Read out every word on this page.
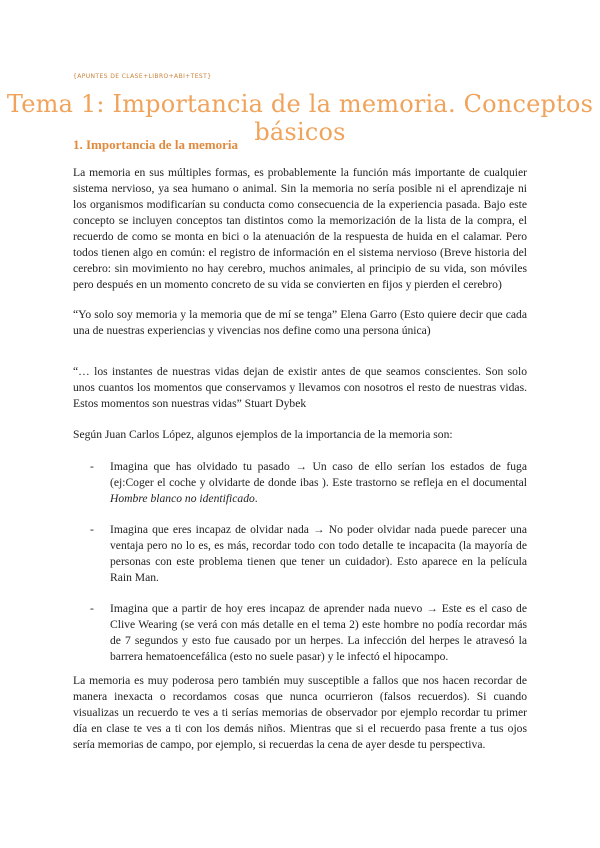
{APUNTES DE CLASE+LIBRO+ABI+TEST}
Tema 1: Importancia de la memoria. Conceptos básicos
1. Importancia de la memoria
La memoria en sus múltiples formas, es probablemente la función más importante de cualquier sistema nervioso, ya sea humano o animal. Sin la memoria no sería posible ni el aprendizaje ni los organismos modificarían su conducta como consecuencia de la experiencia pasada. Bajo este concepto se incluyen conceptos tan distintos como la memorización de la lista de la compra, el recuerdo de como se monta en bici o la atenuación de la respuesta de huida en el calamar. Pero todos tienen algo en común: el registro de información en el sistema nervioso (Breve historia del cerebro: sin movimiento no hay cerebro, muchos animales, al principio de su vida, son móviles pero después en un momento concreto de su vida se convierten en fijos y pierden el cerebro)
“Yo solo soy memoria y la memoria que de mí se tenga” Elena Garro (Esto quiere decir que cada una de nuestras experiencias y vivencias nos define como una persona única)
“… los instantes de nuestras vidas dejan de existir antes de que seamos conscientes. Son solo unos cuantos los momentos que conservamos y llevamos con nosotros el resto de nuestras vidas. Estos momentos son nuestras vidas” Stuart Dybek
Según Juan Carlos López, algunos ejemplos de la importancia de la memoria son:
- Imagina que has olvidado tu pasado → Un caso de ello serían los estados de fuga (ej:Coger el coche y olvidarte de donde ibas ). Este trastorno se refleja en el documental Hombre blanco no identificado.
- Imagina que eres incapaz de olvidar nada → No poder olvidar nada puede parecer una ventaja pero no lo es, es más, recordar todo con todo detalle te incapacita (la mayoría de personas con este problema tienen que tener un cuidador). Esto aparece en la película Rain Man.
- Imagina que a partir de hoy eres incapaz de aprender nada nuevo → Este es el caso de Clive Wearing (se verá con más detalle en el tema 2) este hombre no podía recordar más de 7 segundos y esto fue causado por un herpes. La infección del herpes le atravesó la barrera hematoencefálica (esto no suele pasar) y le infectó el hipocampo.
La memoria es muy poderosa pero también muy susceptible a fallos que nos hacen recordar de manera inexacta o recordamos cosas que nunca ocurrieron (falsos recuerdos). Si cuando visualizas un recuerdo te ves a ti serías memorias de observador por ejemplo recordar tu primer día en clase te ves a ti con los demás niños. Mientras que si el recuerdo pasa frente a tus ojos sería memorias de campo, por ejemplo, si recuerdas la cena de ayer desde tu perspectiva.
